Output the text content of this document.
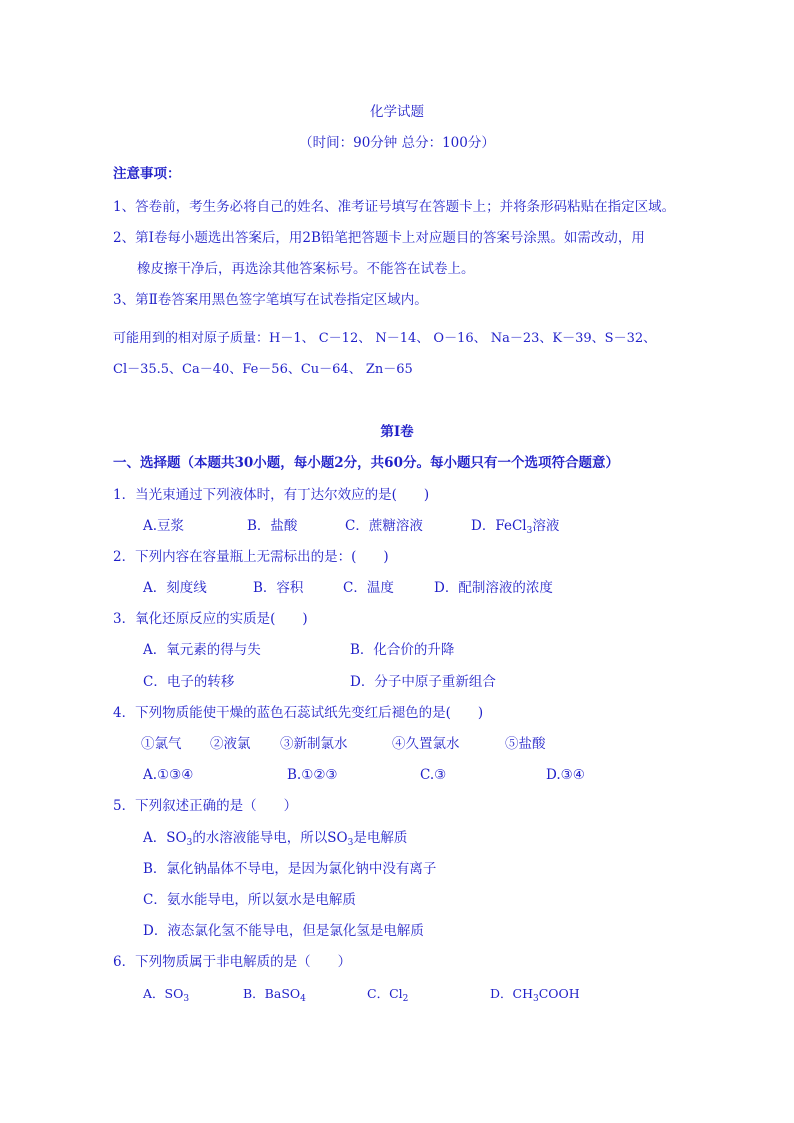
化学试题
（时间：90分钟 总分：100分）
注意事项：
1、答卷前，考生务必将自己的姓名、准考证号填写在答题卡上；并将条形码粘贴在指定区域。
2、第Ⅰ卷每小题选出答案后，用2B铅笔把答题卡上对应题目的答案号涂黑。如需改动，用
橡皮擦干净后，再选涂其他答案标号。不能答在试卷上。
3、第Ⅱ卷答案用黑色签字笔填写在试卷指定区域内。
可能用到的相对原子质量：H－1、 C－12、 N－14、 O－16、 Na－23、K－39、S－32、
Cl－35.5、Ca－40、Fe－56、Cu－64、 Zn－65
第Ⅰ卷
一、选择题（本题共30小题，每小题2分，共60分。每小题只有一个选项符合题意）
1．当光束通过下列液体时，有丁达尔效应的是(　　)
A.豆浆	B．盐酸	C．蔗糖溶液	D．FeCl$_3$溶液
2．下列内容在容量瓶上无需标出的是：(　　)
A．刻度线	B．容积	C．温度	D．配制溶液的浓度
3．氧化还原反应的实质是(　　)
A．氧元素的得与失	B．化合价的升降
C．电子的转移	D．分子中原子重新组合
4．下列物质能使干燥的蓝色石蕊试纸先变红后褪色的是(　　)
①氯气 ②液氯 ③新制氯水	④久置氯水	⑤盐酸
A.①③④	B.①②③	C.③	D.③④
5．下列叙述正确的是（　　）
A．$SO_3$的水溶液能导电，所以$SO_3$是电解质
B．氯化钠晶体不导电，是因为氯化钠中没有离子
C．氨水能导电，所以氨水是电解质
D．液态氯化氢不能导电，但是氯化氢是电解质
6．下列物质属于非电解质的是（　　）
A．$SO_3$	B．BaSO$_4$	C．$Cl_2$	D．$CH_3COOH$
